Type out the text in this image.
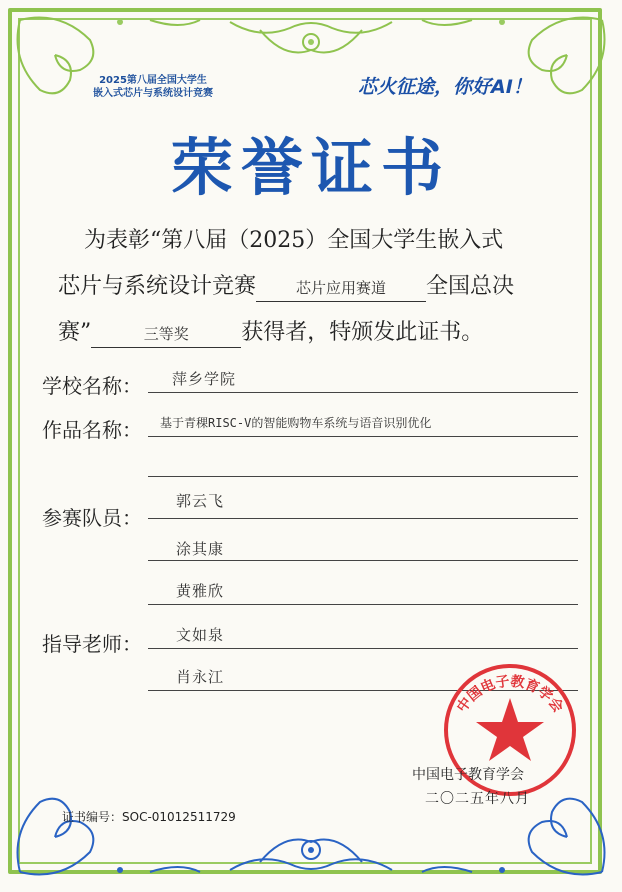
2025第八届全国大学生
嵌入式芯片与系统设计竞赛	芯火征途，你好AI！
荣誉证书
为表彰“第八届（2025）全国大学生嵌入式
芯片与系统设计竞赛	芯片应用赛道 全国总决
赛”	三等奖 获得者，特颁发此证书。
学校名称： 萍乡学院
作品名称： 基于青稞RISC-V的智能购物车系统与语音识别优化
参赛队员：
郭云飞
涂其康
黄雅欣
指导老师： 文如泉
肖永江
中国电子教育学会
中国电子教育学会
二〇二五年八月
证书编号：SOC-01012511729
